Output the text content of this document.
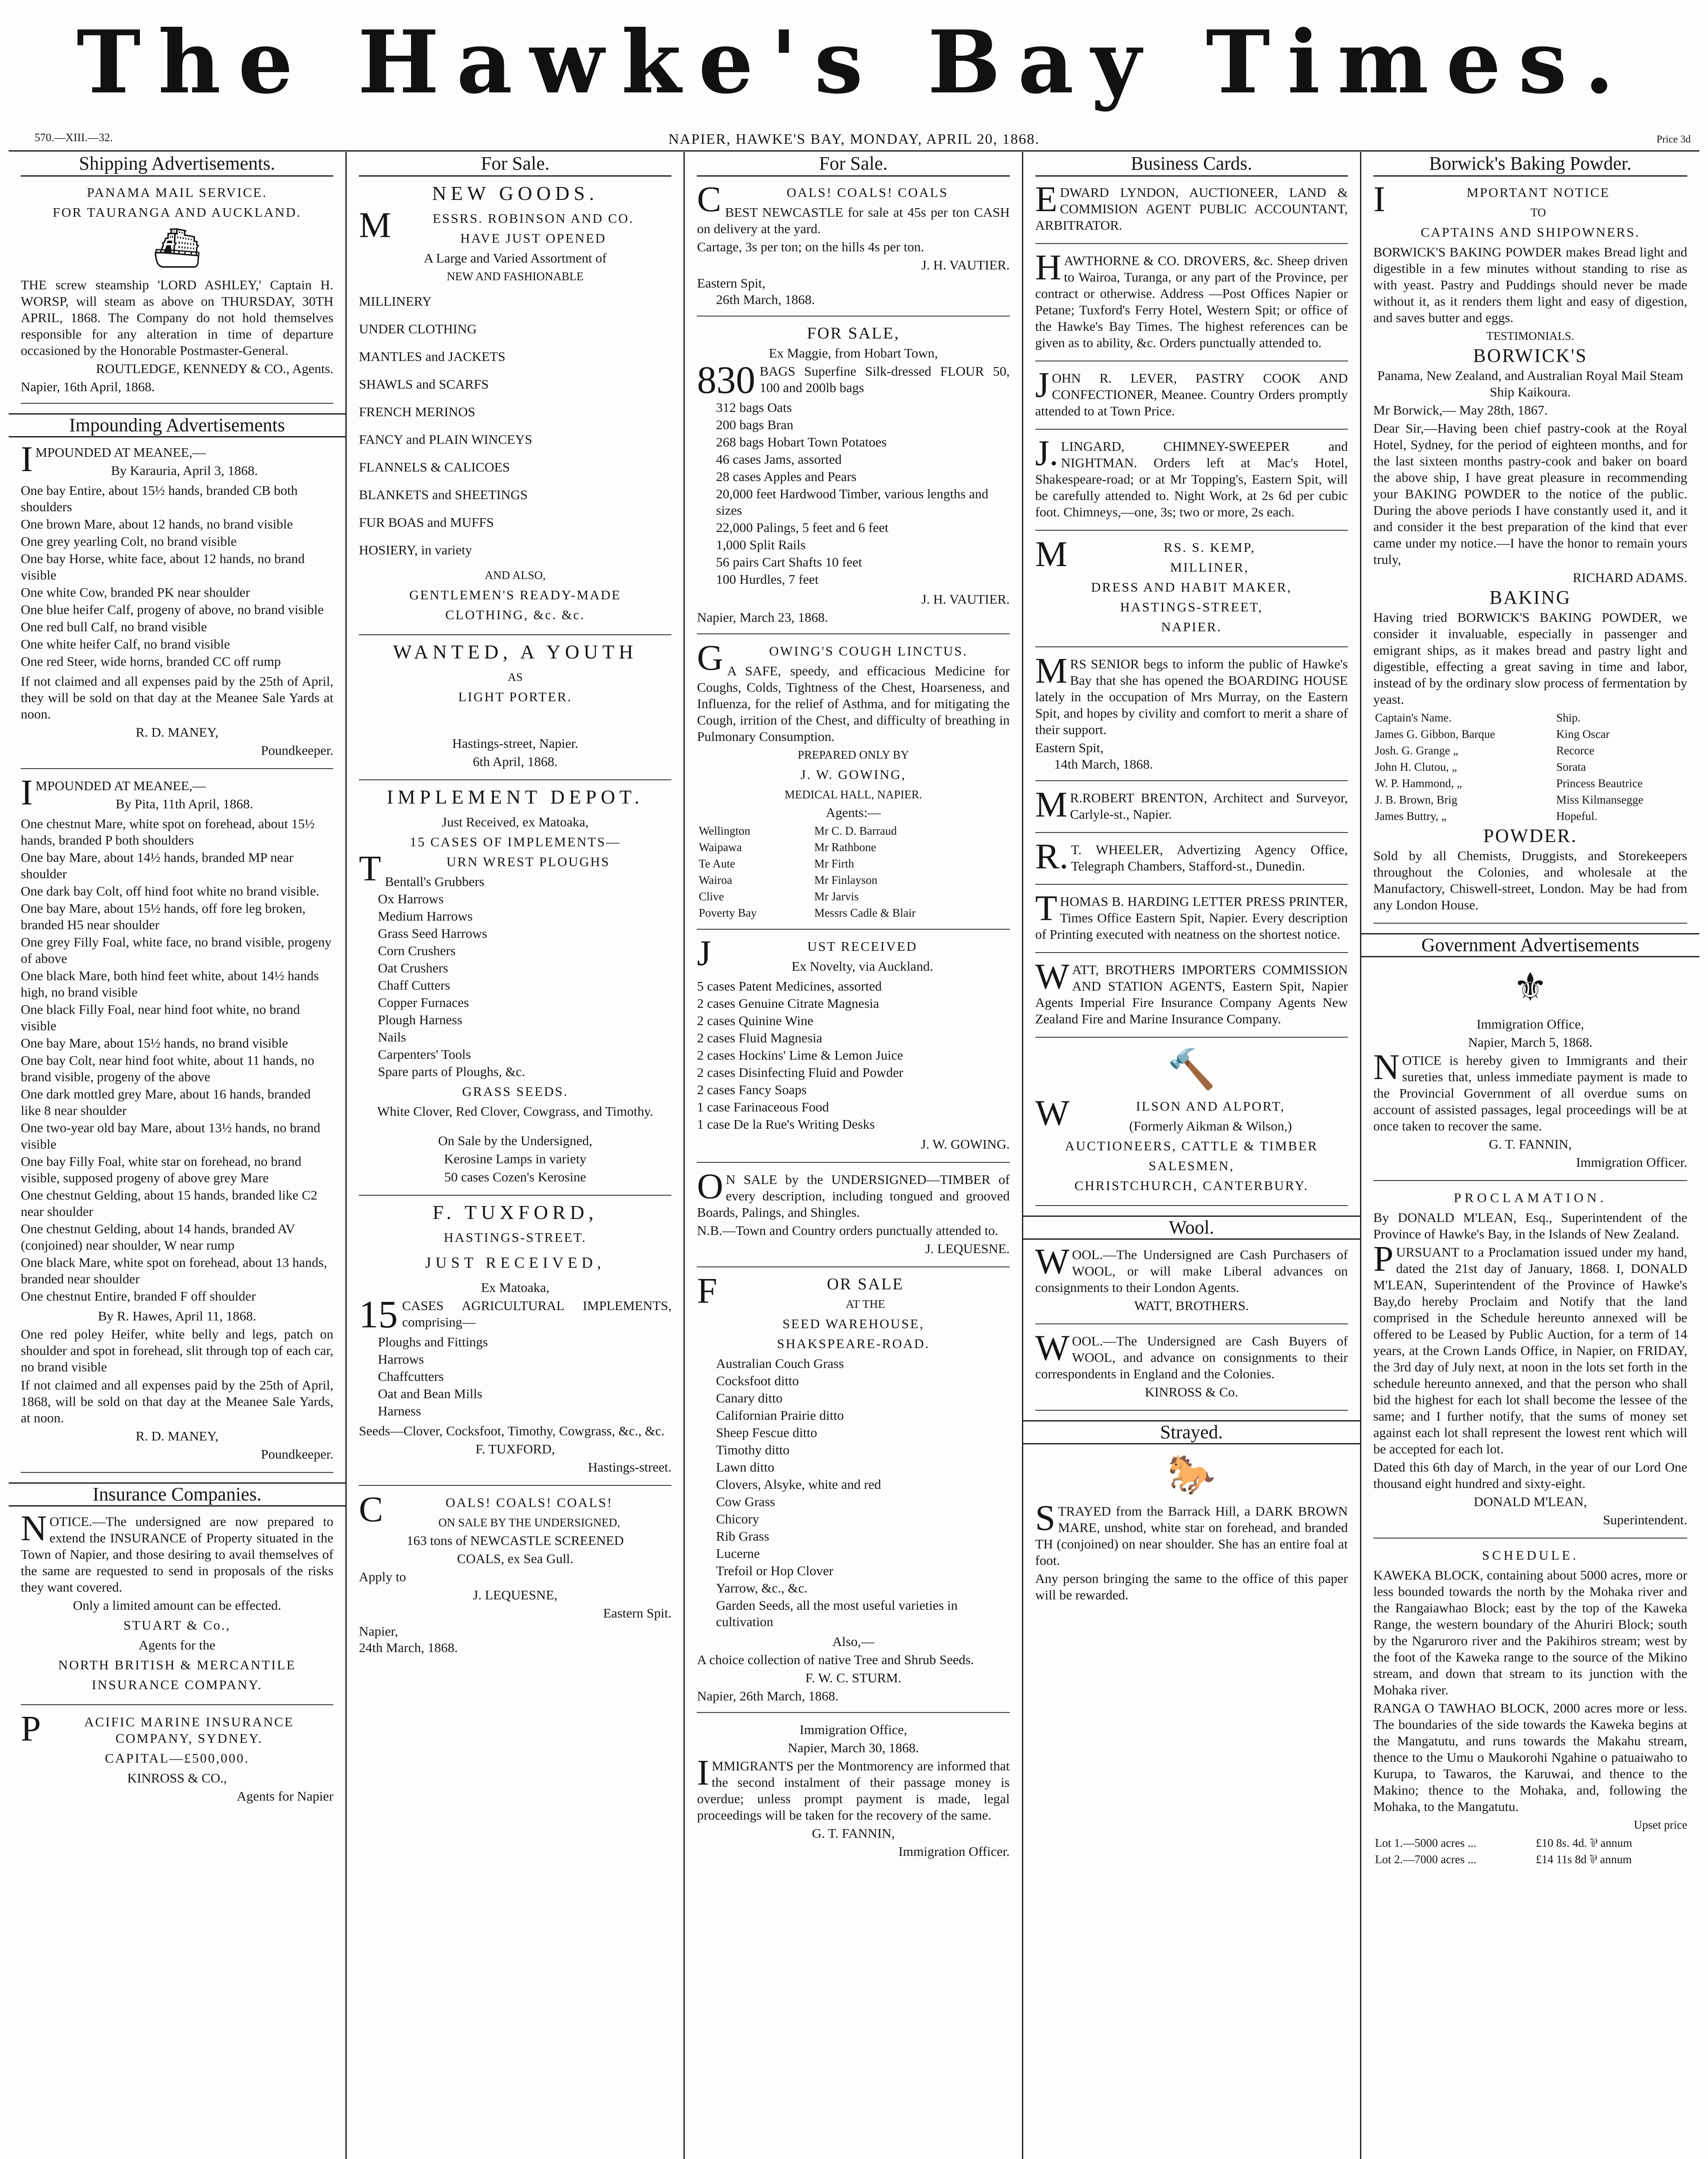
The Hawke's Bay Times.
570.—XIII.—32.	NAPIER, HAWKE'S BAY, MONDAY, APRIL 20, 1868.	Price 3d
Shipping Advertisements.
PANAMA MAIL SERVICE.
FOR TAURANGA AND AUCKLAND.
⛴

THE screw steamship 'LORD ASHLEY,' Captain H. WORSP, will steam as above on THURSDAY, 30TH APRIL, 1868. The Company do not hold themselves responsible for any alteration in time of departure occasioned by the Honorable Postmaster-General.

ROUTLEDGE, KENNEDY & CO., Agents.
Napier, 16th April, 1868.
Impounding Advertisements

IMPOUNDED AT MEANEE,—

By Karauria, April 3, 1868.
One bay Entire, about 15½ hands, branded CB both shoulders
One brown Mare, about 12 hands, no brand visible
One grey yearling Colt, no brand visible
One bay Horse, white face, about 12 hands, no brand visible
One white Cow, branded PK near shoulder
One blue heifer Calf, progeny of above, no brand visible
One red bull Calf, no brand visible
One white heifer Calf, no brand visible
One red Steer, wide horns, branded CC off rump

If not claimed and all expenses paid by the 25th of April, they will be sold on that day at the Meanee Sale Yards at noon.

R. D. MANEY,
Poundkeeper.

IMPOUNDED AT MEANEE,—

By Pita, 11th April, 1868.
One chestnut Mare, white spot on forehead, about 15½ hands, branded P both shoulders
One bay Mare, about 14½ hands, branded MP near shoulder
One dark bay Colt, off hind foot white no brand visible.
One bay Mare, about 15½ hands, off fore leg broken, branded H5 near shoulder
One grey Filly Foal, white face, no brand visible, progeny of above
One black Mare, both hind feet white, about 14½ hands high, no brand visible
One black Filly Foal, near hind foot white, no brand visible
One bay Mare, about 15½ hands, no brand visible
One bay Colt, near hind foot white, about 11 hands, no brand visible, progeny of the above
One dark mottled grey Mare, about 16 hands, branded like 8 near shoulder
One two-year old bay Mare, about 13½ hands, no brand visible
One bay Filly Foal, white star on forehead, no brand visible, supposed progeny of above grey Mare
One chestnut Gelding, about 15 hands, branded like C2 near shoulder
One chestnut Gelding, about 14 hands, branded AV (conjoined) near shoulder, W near rump
One black Mare, white spot on forehead, about 13 hands, branded near shoulder
One chestnut Entire, branded F off shoulder
By R. Hawes, April 11, 1868.

One red poley Heifer, white belly and legs, patch on shoulder and spot in forehead, slit through top of each car, no brand visible

If not claimed and all expenses paid by the 25th of April, 1868, will be sold on that day at the Meanee Sale Yards, at noon.

R. D. MANEY,
Poundkeeper.
Insurance Companies.

NOTICE.—The undersigned are now prepared to extend the INSURANCE of Property situated in the Town of Napier, and those desiring to avail themselves of the same are requested to send in proposals of the risks they want covered.

Only a limited amount can be effected.
STUART & Co.,
Agents for the
NORTH BRITISH & MERCANTILE
INSURANCE COMPANY.

PACIFIC MARINE INSURANCE COMPANY, SYDNEY.

CAPITAL—£500,000.
KINROSS & CO.,
Agents for Napier
For Sale.
NEW GOODS.

MESSRS. ROBINSON AND CO.

HAVE JUST OPENED
A Large and Varied Assortment of
NEW AND FASHIONABLE
MILLINERY
UNDER CLOTHING
MANTLES and JACKETS
SHAWLS and SCARFS
FRENCH MERINOS
FANCY and PLAIN WINCEYS
FLANNELS & CALICOES
BLANKETS and SHEETINGS
FUR BOAS and MUFFS
HOSIERY, in variety
AND ALSO,
GENTLEMEN'S READY-MADE
CLOTHING, &c. &c.
WANTED, A YOUTH
AS
LIGHT PORTER.
Hastings-street, Napier.
6th April, 1868.
IMPLEMENT DEPOT.
Just Received, ex Matoaka,
15 CASES OF IMPLEMENTS—

TURN WREST PLOUGHS

Bentall's Grubbers
Ox Harrows
Medium Harrows
Grass Seed Harrows
Corn Crushers
Oat Crushers
Chaff Cutters
Copper Furnaces
Plough Harness
Nails
Carpenters' Tools
Spare parts of Ploughs, &c.
GRASS SEEDS.
White Clover, Red Clover, Cowgrass, and Timothy.
On Sale by the Undersigned,
Kerosine Lamps in variety
50 cases Cozen's Kerosine
F. TUXFORD,
HASTINGS-STREET.
JUST RECEIVED,
Ex Matoaka,
15 CASES AGRICULTURAL IMPLEMENTS, comprising—

Ploughs and Fittings
Harrows
Chaffcutters
Oat and Bean Mills
Harness

Seeds—Clover, Cocksfoot, Timothy, Cowgrass, &c., &c.

F. TUXFORD,
Hastings-street.

COALS! COALS! COALS!

ON SALE BY THE UNDERSIGNED,
163 tons of NEWCASTLE SCREENED
COALS, ex Sea Gull.
Apply to
J. LEQUESNE,
Eastern Spit.
Napier,
24th March, 1868.
For Sale.

COALS! COALS! COALS

BEST NEWCASTLE for sale at 45s per ton CASH on delivery at the yard.

Cartage, 3s per ton; on the hills 4s per ton.

J. H. VAUTIER.
Eastern Spit,
26th March, 1868.
FOR SALE,
Ex Maggie, from Hobart Town,
830 BAGS Superfine Silk-dressed FLOUR 50, 100 and 200lb bags

312 bags Oats
200 bags Bran
268 bags Hobart Town Potatoes
46 cases Jams, assorted
28 cases Apples and Pears
20,000 feet Hardwood Timber, various lengths and sizes
22,000 Palings, 5 feet and 6 feet
1,000 Split Rails
56 pairs Cart Shafts 10 feet
100 Hurdles, 7 feet
J. H. VAUTIER.
Napier, March 23, 1868.

GOWING'S COUGH LINCTUS.

A SAFE, speedy, and efficacious Medicine for Coughs, Colds, Tightness of the Chest, Hoarseness, and Influenza, for the relief of Asthma, and for mitigating the Cough, irrition of the Chest, and difficulty of breathing in Pulmonary Consumption.

PREPARED ONLY BY
J. W. GOWING,
MEDICAL HALL, NAPIER.
Agents:—
Wellington	Mr C. D. Barraud
Waipawa	Mr Rathbone
Te Aute	Mr Firth
Wairoa	Mr Finlayson
Clive	Mr Jarvis
Poverty Bay	Messrs Cadle & Blair

JUST RECEIVED

Ex Novelty, via Auckland.
5 cases Patent Medicines, assorted
2 cases Genuine Citrate Magnesia
2 cases Quinine Wine
2 cases Fluid Magnesia
2 cases Hockins' Lime & Lemon Juice
2 cases Disinfecting Fluid and Powder
2 cases Fancy Soaps
1 case Farinaceous Food
1 case De la Rue's Writing Desks
J. W. GOWING.

ON SALE by the UNDERSIGNED—TIMBER of every description, including tongued and grooved Boards, Palings, and Shingles.

N.B.—Town and Country orders punctually attended to.

J. LEQUESNE.

FOR SALE

AT THE
SEED WAREHOUSE,
SHAKSPEARE-ROAD.
Australian Couch Grass
Cocksfoot ditto
Canary ditto
Californian Prairie ditto
Sheep Fescue ditto
Timothy ditto
Lawn ditto
Clovers, Alsyke, white and red
Cow Grass
Chicory
Rib Grass
Lucerne
Trefoil or Hop Clover
Yarrow, &c., &c.
Garden Seeds, all the most useful varieties in cultivation
Also,—

A choice collection of native Tree and Shrub Seeds.

F. W. C. STURM.
Napier, 26th March, 1868.
Immigration Office,
Napier, March 30, 1868.

IMMIGRANTS per the Montmorency are informed that the second instalment of their passage money is overdue; unless prompt payment is made, legal proceedings will be taken for the recovery of the same.

G. T. FANNIN,
Immigration Officer.
Business Cards.

EDWARD LYNDON, AUCTIONEER, LAND & COMMISION AGENT PUBLIC ACCOUNTANT, ARBITRATOR.

HAWTHORNE & CO. DROVERS, &c. Sheep driven to Wairoa, Turanga, or any part of the Province, per contract or otherwise. Address —Post Offices Napier or Petane; Tuxford's Ferry Hotel, Western Spit; or office of the Hawke's Bay Times. The highest references can be given as to ability, &c. Orders punctually attended to.

JOHN R. LEVER, PASTRY COOK AND CONFECTIONER, Meanee. Country Orders promptly attended to at Town Price.

J.LINGARD, CHIMNEY-SWEEPER and NIGHTMAN. Orders left at Mac's Hotel, Shakespeare-road; or at Mr Topping's, Eastern Spit, will be carefully attended to. Night Work, at 2s 6d per cubic foot. Chimneys,—one, 3s; two or more, 2s each.

MRS. S. KEMP,

MILLINER,
DRESS AND HABIT MAKER,
HASTINGS-STREET,
NAPIER.

MRS SENIOR begs to inform the public of Hawke's Bay that she has opened the BOARDING HOUSE lately in the occupation of Mrs Murray, on the Eastern Spit, and hopes by civility and comfort to merit a share of their support.

Eastern Spit,
14th March, 1868.

MR.ROBERT BRENTON, Architect and Surveyor, Carlyle-st., Napier.

R.T. WHEELER, Advertizing Agency Office, Telegraph Chambers, Stafford-st., Dunedin.

THOMAS B. HARDING LETTER PRESS PRINTER, Times Office Eastern Spit, Napier. Every description of Printing executed with neatness on the shortest notice.

WATT, BROTHERS IMPORTERS COMMISSION AND STATION AGENTS, Eastern Spit, Napier Agents Imperial Fire Insurance Company Agents New Zealand Fire and Marine Insurance Company.

🔨

WILSON AND ALPORT,

(Formerly Aikman & Wilson,)
AUCTIONEERS, CATTLE & TIMBER
SALESMEN,
CHRISTCHURCH, CANTERBURY.
Wool.

WOOL.—The Undersigned are Cash Purchasers of WOOL, or will make Liberal advances on consignments to their London Agents.

WATT, BROTHERS.

WOOL.—The Undersigned are Cash Buyers of WOOL, and advance on consignments to their correspondents in England and the Colonies.

KINROSS & Co.
Strayed.
🐎

STRAYED from the Barrack Hill, a DARK BROWN MARE, unshod, white star on forehead, and branded TH (conjoined) on near shoulder. She has an entire foal at foot.

Any person bringing the same to the office of this paper will be rewarded.

Borwick's Baking Powder.

IMPORTANT NOTICE

TO
CAPTAINS AND SHIPOWNERS.

BORWICK'S BAKING POWDER makes Bread light and digestible in a few minutes without standing to rise as with yeast. Pastry and Puddings should never be made without it, as it renders them light and easy of digestion, and saves butter and eggs.

TESTIMONIALS.
BORWICK'S
Panama, New Zealand, and Australian Royal Mail Steam Ship Kaikoura.
Mr Borwick,— May 28th, 1867.

Dear Sir,—Having been chief pastry-cook at the Royal Hotel, Sydney, for the period of eighteen months, and for the last sixteen months pastry-cook and baker on board the above ship, I have great pleasure in recommending your BAKING POWDER to the notice of the public. During the above periods I have constantly used it, and it and consider it the best preparation of the kind that ever came under my notice.—I have the honor to remain yours truly,

RICHARD ADAMS.
BAKING

Having tried BORWICK'S BAKING POWDER, we consider it invaluable, especially in passenger and emigrant ships, as it makes bread and pastry light and digestible, effecting a great saving in time and labor, instead of by the ordinary slow process of fermentation by yeast.

Captain's Name.	Ship.
James G. Gibbon, Barque	King Oscar
Josh. G. Grange „	Recorce
John H. Clutou, „	Sorata
W. P. Hammond, „	Princess Beautrice
J. B. Brown, Brig	Miss Kilmansegge
James Buttry, „	Hopeful.
POWDER.

Sold by all Chemists, Druggists, and Storekeepers throughout the Colonies, and wholesale at the Manufactory, Chiswell-street, London. May be had from any London House.

Government Advertisements
⚜
Immigration Office,
Napier, March 5, 1868.

NOTICE is hereby given to Immigrants and their sureties that, unless immediate payment is made to the Provincial Government of all overdue sums on account of assisted passages, legal proceedings will be at once taken to recover the same.

G. T. FANNIN,
Immigration Officer.
PROCLAMATION.

By DONALD M'LEAN, Esq., Superintendent of the Province of Hawke's Bay, in the Islands of New Zealand.

PURSUANT to a Proclamation issued under my hand, dated the 21st day of January, 1868. I, DONALD M'LEAN, Superintendent of the Province of Hawke's Bay,do hereby Proclaim and Notify that the land comprised in the Schedule hereunto annexed will be offered to be Leased by Public Auction, for a term of 14 years, at the Crown Lands Office, in Napier, on FRIDAY, the 3rd day of July next, at noon in the lots set forth in the schedule hereunto annexed, and that the person who shall bid the highest for each lot shall become the lessee of the same; and I further notify, that the sums of money set against each lot shall represent the lowest rent which will be accepted for each lot.

Dated this 6th day of March, in the year of our Lord One thousand eight hundred and sixty-eight.

DONALD M'LEAN,
Superintendent.
SCHEDULE.

KAWEKA BLOCK, containing about 5000 acres, more or less bounded towards the north by the Mohaka river and the Rangaiawhao Block; east by the top of the Kaweka Range, the western boundary of the Ahuriri Block; south by the Ngaruroro river and the Pakihiros stream; west by the foot of the Kaweka range to the source of the Mikino stream, and down that stream to its junction with the Mohaka river.

RANGA O TAWHAO BLOCK, 2000 acres more or less. The boundaries of the side towards the Kaweka begins at the Mangatutu, and runs towards the Makahu stream, thence to the Umu o Maukorohi Ngahine o patuaiwaho to Kurupa, to Tawaros, the Karuwai, and thence to the Makino; thence to the Mohaka, and, following the Mohaka, to the Mangatutu.

Upset price
Lot 1.—5000 acres ...	£10 8s. 4d. ⅌ annum
Lot 2.—7000 acres ...	£14 11s 8d ⅌ annum
